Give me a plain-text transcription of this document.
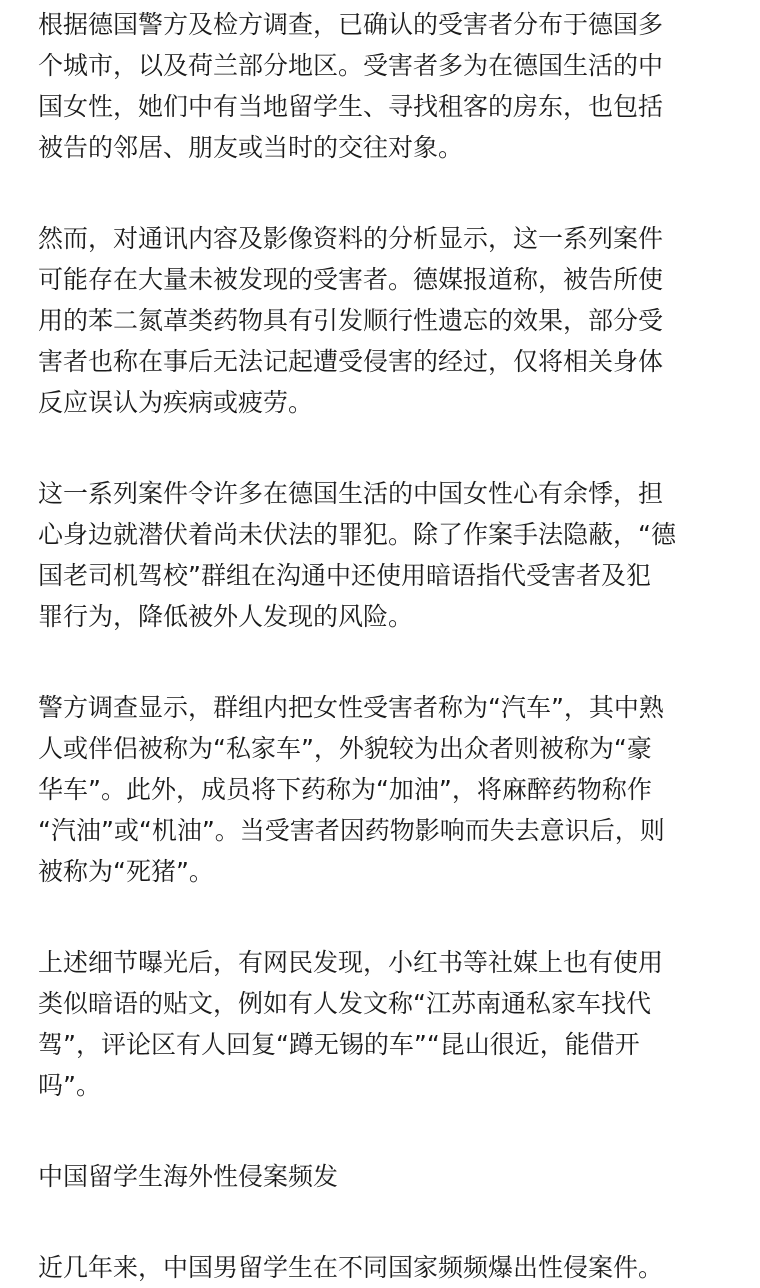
根据德国警方及检方调查，已确认的受害者分布于德国多
个城市，以及荷兰部分地区。受害者多为在德国生活的中
国女性，她们中有当地留学生、寻找租客的房东，也包括
被告的邻居、朋友或当时的交往对象。

然而，对通讯内容及影像资料的分析显示，这一系列案件
可能存在大量未被发现的受害者。德媒报道称，被告所使
用的苯二氮䓬类药物具有引发顺行性遗忘的效果，部分受
害者也称在事后无法记起遭受侵害的经过，仅将相关身体
反应误认为疾病或疲劳。

这一系列案件令许多在德国生活的中国女性心有余悸，担
心身边就潜伏着尚未伏法的罪犯。除了作案手法隐蔽，“德
国老司机驾校”群组在沟通中还使用暗语指代受害者及犯
罪行为，降低被外人发现的风险。

警方调查显示，群组内把女性受害者称为“汽车”，其中熟
人或伴侣被称为“私家车”，外貌较为出众者则被称为“豪
华车”。此外，成员将下药称为“加油”，将麻醉药物称作
“汽油”或“机油”。当受害者因药物影响而失去意识后，则
被称为“死猪”。

上述细节曝光后，有网民发现，小红书等社媒上也有使用
类似暗语的贴文，例如有人发文称“江苏南通私家车找代
驾”，评论区有人回复“蹲无锡的车”“昆山很近，能借开
吗”。

中国留学生海外性侵案频发

近几年来，中国男留学生在不同国家频频爆出性侵案件。
